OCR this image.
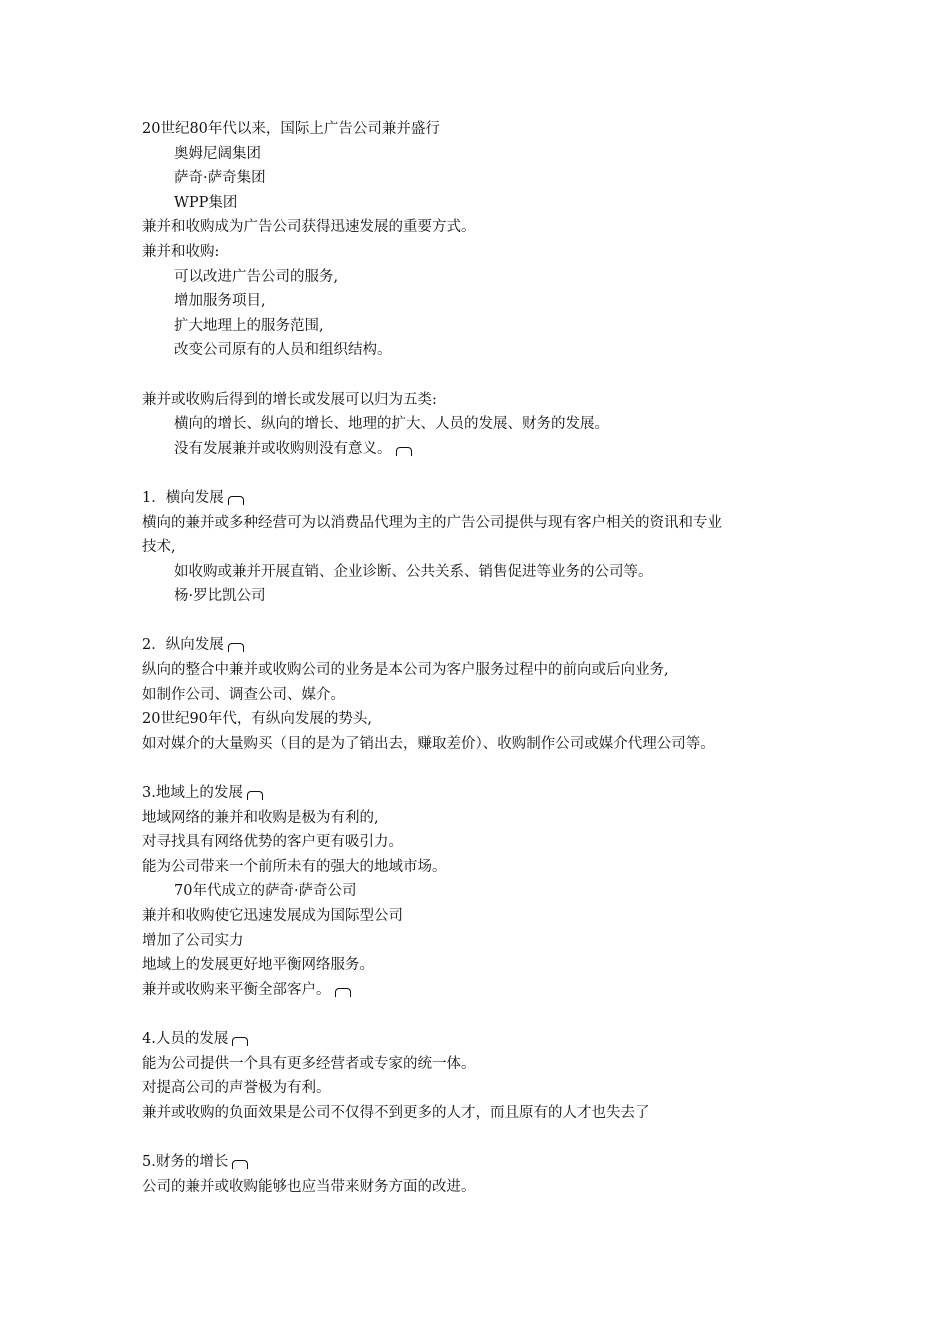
20世纪80年代以来，国际上广告公司兼并盛行
奥姆尼阔集团
萨奇·萨奇集团
WPP集团
兼并和收购成为广告公司获得迅速发展的重要方式。
兼并和收购:
可以改进广告公司的服务,
增加服务项目,
扩大地理上的服务范围,
改变公司原有的人员和组织结构。
兼并或收购后得到的增长或发展可以归为五类:
横向的增长、纵向的增长、地理的扩大、人员的发展、财务的发展。
没有发展兼并或收购则没有意义。
1．横向发展
横向的兼并或多种经营可为以消费品代理为主的广告公司提供与现有客户相关的资讯和专业
技术,
如收购或兼并开展直销、企业诊断、公共关系、销售促进等业务的公司等。
杨·罗比凯公司
2．纵向发展
纵向的整合中兼并或收购公司的业务是本公司为客户服务过程中的前向或后向业务,
如制作公司、调查公司、媒介。
20世纪90年代，有纵向发展的势头,
如对媒介的大量购买（目的是为了销出去，赚取差价）、收购制作公司或媒介代理公司等。
3.地域上的发展
地域网络的兼并和收购是极为有利的,
对寻找具有网络优势的客户更有吸引力。
能为公司带来一个前所未有的强大的地域市场。
70年代成立的萨奇·萨奇公司
兼并和收购使它迅速发展成为国际型公司
增加了公司实力
地域上的发展更好地平衡网络服务。
兼并或收购来平衡全部客户。
4.人员的发展
能为公司提供一个具有更多经营者或专家的统一体。
对提高公司的声誉极为有利。
兼并或收购的负面效果是公司不仅得不到更多的人才，而且原有的人才也失去了
5.财务的增长
公司的兼并或收购能够也应当带来财务方面的改进。
